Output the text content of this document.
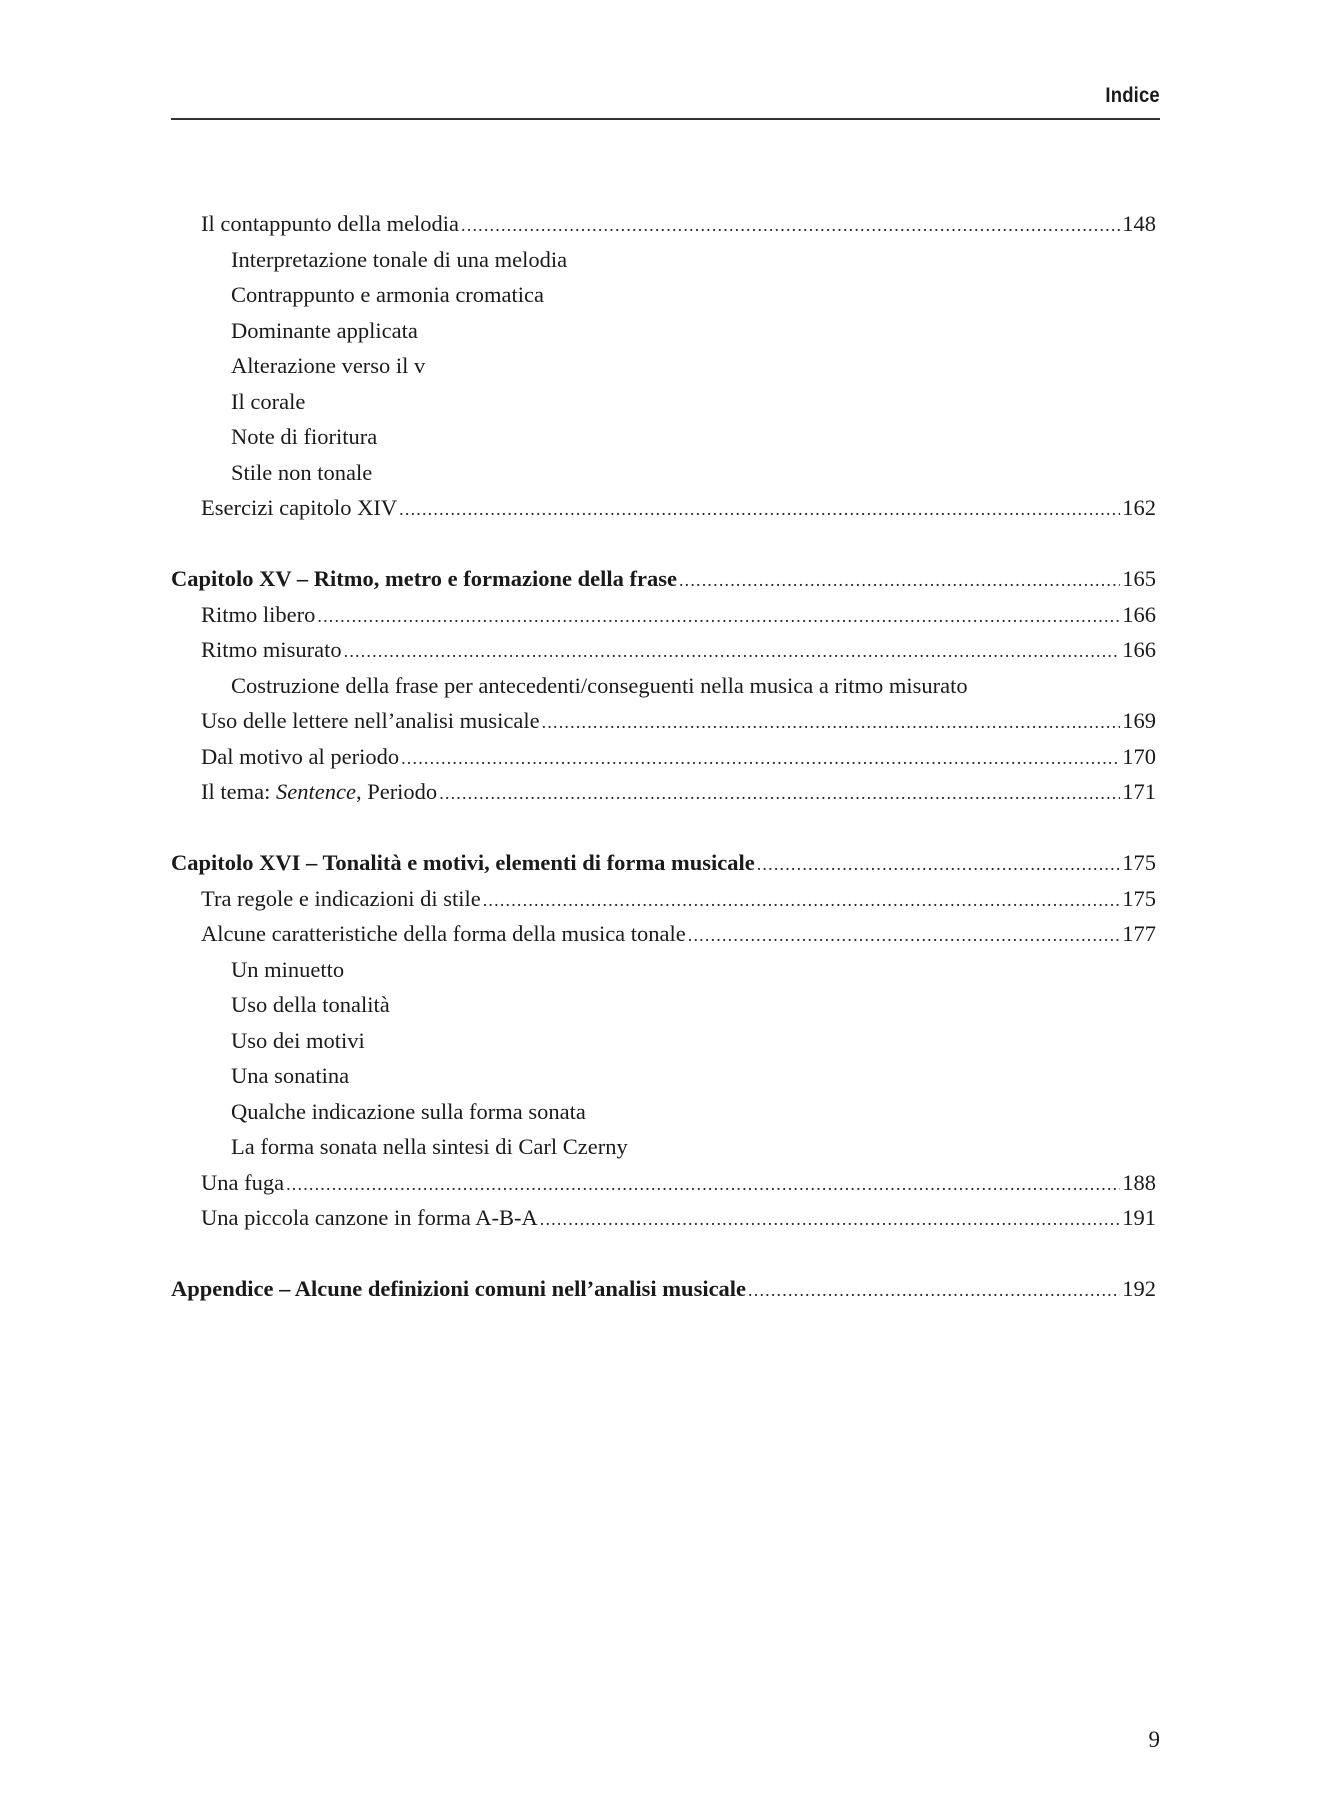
Indice
Il contappunto della melodia .....	148
Interpretazione tonale di una melodia
Contrappunto e armonia cromatica
Dominante applicata
Alterazione verso il v
Il corale
Note di fioritura
Stile non tonale
Esercizi capitolo XIV .....	162
Capitolo XV – Ritmo, metro e formazione della frase .....	165
Ritmo libero .....	166
Ritmo misurato .....	166
Costruzione della frase per antecedenti/conseguenti nella musica a ritmo misurato
Uso delle lettere nell’analisi musicale .....	169
Dal motivo al periodo .....	170
Il tema: Sentence, Periodo .....	171
Capitolo XVI – Tonalità e motivi, elementi di forma musicale .....	175
Tra regole e indicazioni di stile .....	175
Alcune caratteristiche della forma della musica tonale .....	177
Un minuetto
Uso della tonalità
Uso dei motivi
Una sonatina
Qualche indicazione sulla forma sonata
La forma sonata nella sintesi di Carl Czerny
Una fuga .....	188
Una piccola canzone in forma A-B-A .....	191
Appendice – Alcune definizioni comuni nell’analisi musicale .....	192
9
